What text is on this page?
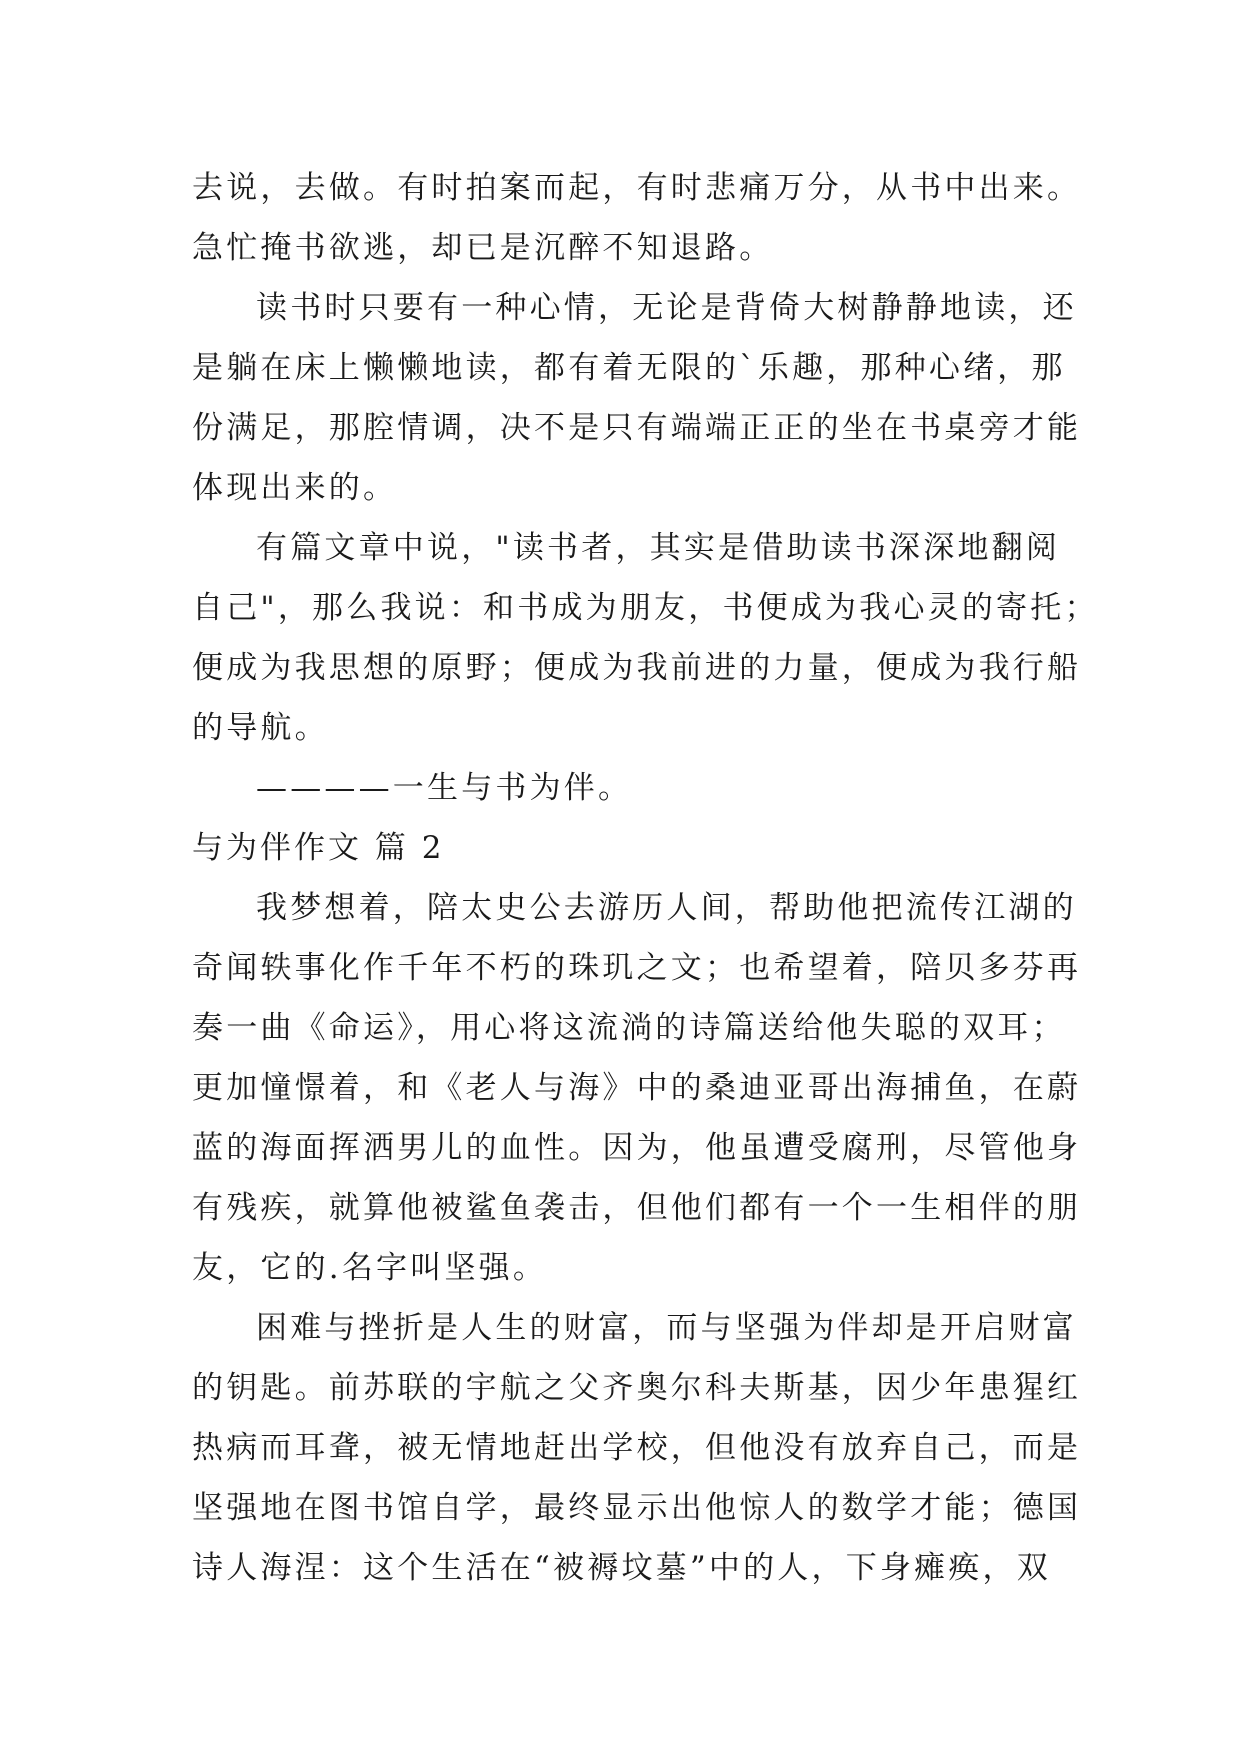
去说，去做。有时拍案而起，有时悲痛万分，从书中出来。
急忙掩书欲逃，却已是沉醉不知退路。
读书时只要有一种心情，无论是背倚大树静静地读，还
是躺在床上懒懒地读，都有着无限的`乐趣，那种心绪，那
份满足，那腔情调，决不是只有端端正正的坐在书桌旁才能
体现出来的。
有篇文章中说，"读书者，其实是借助读书深深地翻阅
自己"，那么我说：和书成为朋友，书便成为我心灵的寄托；
便成为我思想的原野；便成为我前进的力量，便成为我行船
的导航。
————一生与书为伴。
与为伴作文 篇 2
我梦想着，陪太史公去游历人间，帮助他把流传江湖的
奇闻轶事化作千年不朽的珠玑之文；也希望着，陪贝多芬再
奏一曲《命运》，用心将这流淌的诗篇送给他失聪的双耳；
更加憧憬着，和《老人与海》中的桑迪亚哥出海捕鱼，在蔚
蓝的海面挥洒男儿的血性。因为，他虽遭受腐刑，尽管他身
有残疾，就算他被鲨鱼袭击，但他们都有一个一生相伴的朋
友，它的.名字叫坚强。
困难与挫折是人生的财富，而与坚强为伴却是开启财富
的钥匙。前苏联的宇航之父齐奥尔科夫斯基，因少年患猩红
热病而耳聋，被无情地赶出学校，但他没有放弃自己，而是
坚强地在图书馆自学，最终显示出他惊人的数学才能；德国
诗人海涅：这个生活在“被褥坟墓”中的人，下身瘫痪，双
